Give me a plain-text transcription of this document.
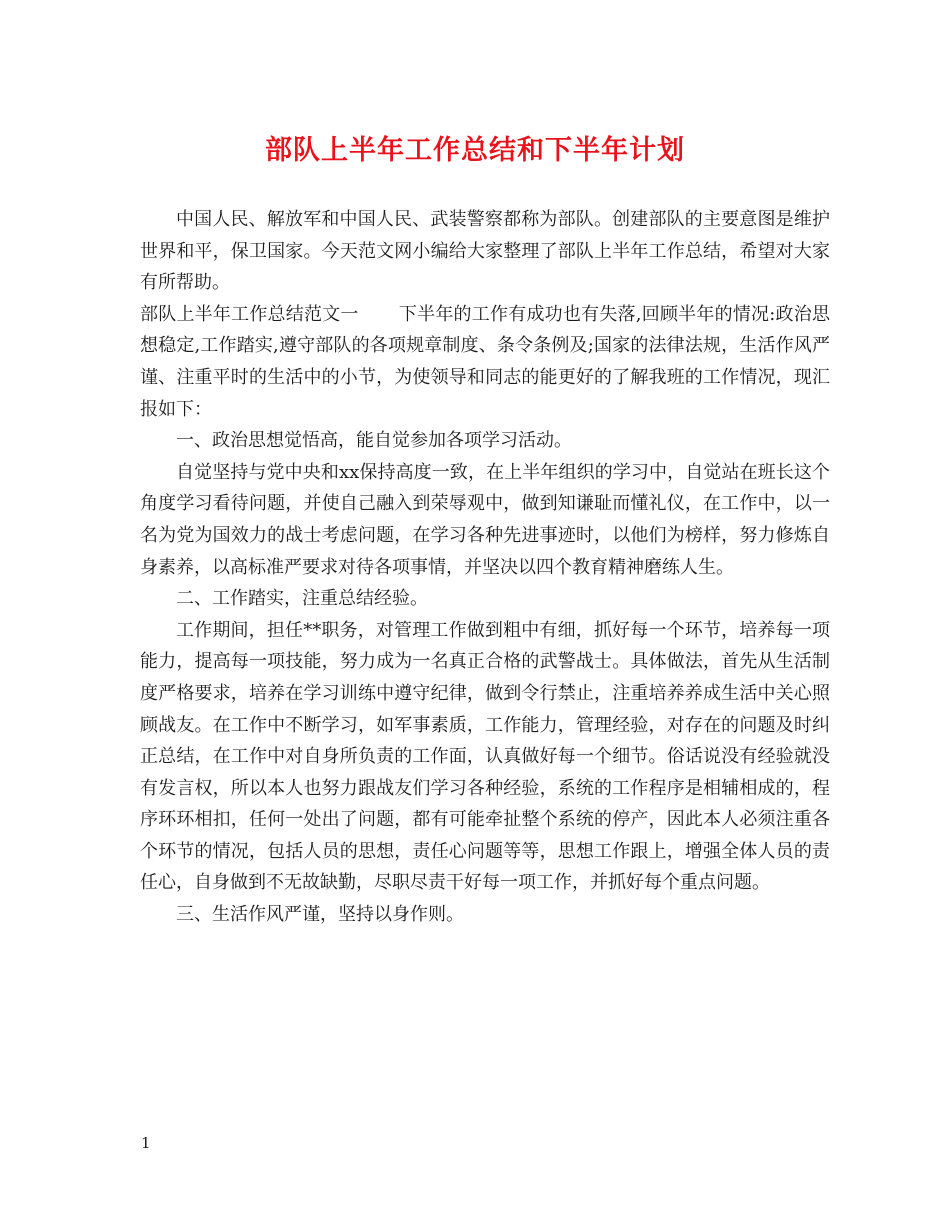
部队上半年工作总结和下半年计划

中国人民、解放军和中国人民、武装警察都称为部队。创建部队的主要意图是维护 世界和平，保卫国家。今天范文网小编给大家整理了部队上半年工作总结，希望对大家有所帮助。

部队上半年工作总结范文一 下半年的工作有成功也有失落,回顾半年的情况:政治思想稳定,工作踏实,遵守部队的各项规章制度、条令条例及;国家的法律法规，生活作风严谨、注重平时的生活中的小节，为使领导和同志的能更好的了解我班的工作情况，现汇报如下：

一、政治思想觉悟高，能自觉参加各项学习活动。

自觉坚持与党中央和xx保持高度一致，在上半年组织的学习中，自觉站在班长这个角度学习看待问题，并使自己融入到荣辱观中，做到知谦耻而懂礼仪，在工作中，以一名为党为国效力的战士考虑问题，在学习各种先进事迹时，以他们为榜样，努力修炼自身素养，以高标准严要求对待各项事情，并坚决以四个教育精神磨练人生。

二、工作踏实，注重总结经验。

工作期间，担任**职务，对管理工作做到粗中有细，抓好每一个环节，培养每一项能力，提高每一项技能，努力成为一名真正合格的武警战士。具体做法，首先从生活制度严格要求，培养在学习训练中遵守纪律，做到令行禁止，注重培养养成生活中关心照顾战友。在工作中不断学习，如军事素质，工作能力，管理经验，对存在的问题及时纠正总结，在工作中对自身所负责的工作面，认真做好每一个细节。俗话说没有经验就没有发言权，所以本人也努力跟战友们学习各种经验，系统的工作程序是相辅相成的，程序环环相扣，任何一处出了问题，都有可能牵扯整个系统的停产，因此本人必须注重各个环节的情况，包括人员的思想，责任心问题等等，思想工作跟上，增强全体人员的责任心，自身做到不无故缺勤，尽职尽责干好每一项工作，并抓好每个重点问题。

三、生活作风严谨，坚持以身作则。

1
